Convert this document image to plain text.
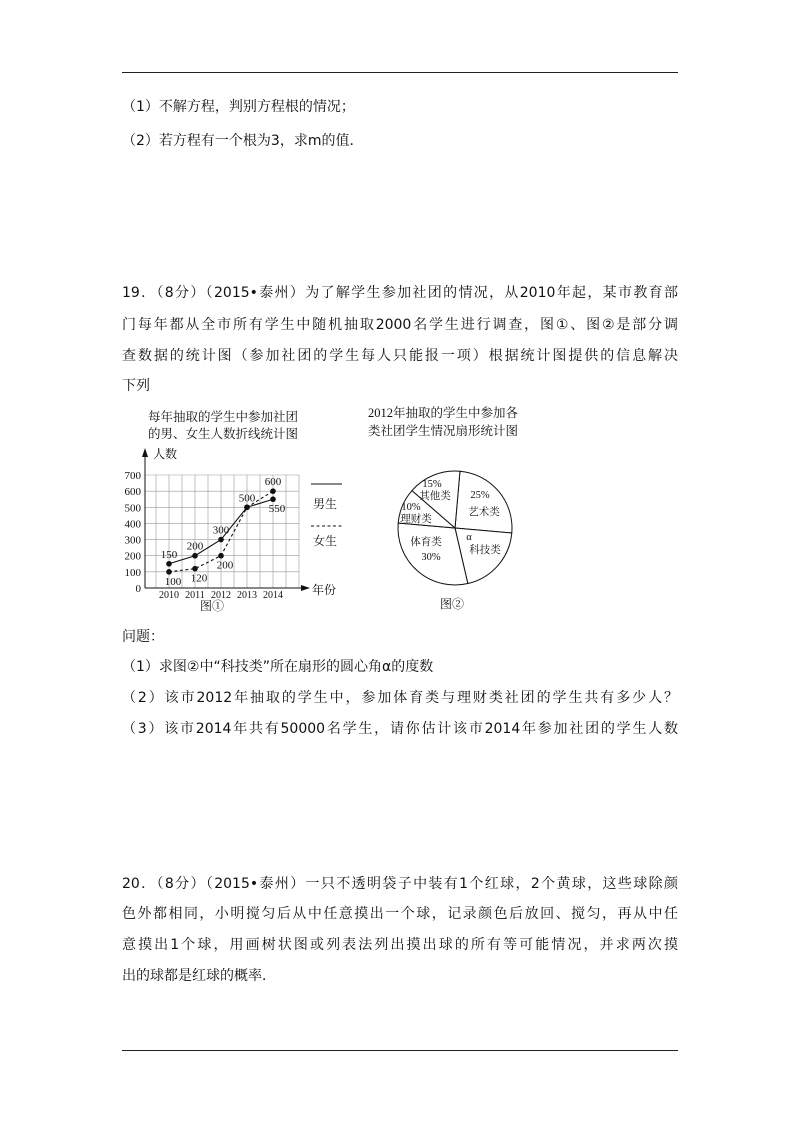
（1）不解方程，判别方程根的情况；
（2）若方程有一个根为3，求m的值．
19．（8分）（2015•泰州）为了解学生参加社团的情况，从2010年起，某市教育部
门每年都从全市所有学生中随机抽取2000名学生进行调查，图①、图②是部分调
查数据的统计图（参加社团的学生每人只能报一项）根据统计图提供的信息解决
下列
每年抽取的学生中参加社团
的男、女生人数折线统计图
人数
年份
0
100
200
300
400
500
600
700
2010 2011 2012 2013 2014
150
200
300
500
550
100 120
200
600
男生
女生
图①
2012年抽取的学生中参加各
类社团学生情况扇形统计图
15%
其他类 25%
艺术类
α
科技类
体育类
30%
10%
理财类
图②
问题：
（1）求图②中“科技类”所在扇形的圆心角α的度数
（2）该市2012年抽取的学生中，参加体育类与理财类社团的学生共有多少人？
（3）该市2014年共有50000名学生，请你估计该市2014年参加社团的学生人数
20．（8分）（2015•泰州）一只不透明袋子中装有1个红球，2个黄球，这些球除颜
色外都相同，小明搅匀后从中任意摸出一个球，记录颜色后放回、搅匀，再从中任
意摸出1个球，用画树状图或列表法列出摸出球的所有等可能情况，并求两次摸
出的球都是红球的概率．
